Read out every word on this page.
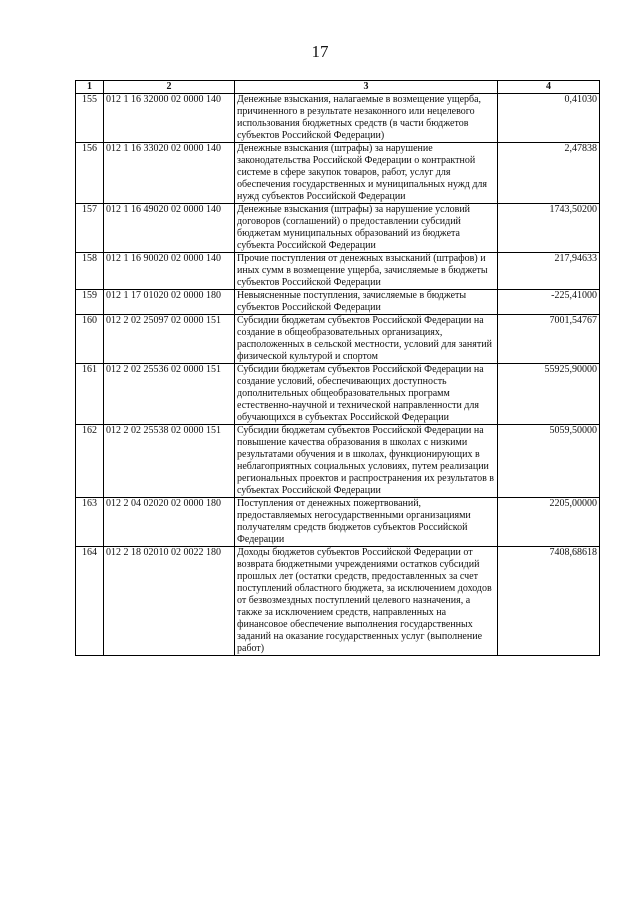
17
1	2	3	4
155	012 1 16 32000 02 0000 140	Денежные взыскания, налагаемые в возмещение ущерба, причиненного в результате незаконного или нецелевого использования бюджетных средств (в части бюджетов субъектов Российской Федерации)	0,41030
156	012 1 16 33020 02 0000 140	Денежные взыскания (штрафы) за нарушение законодательства Российской Федерации о контрактной системе в сфере закупок товаров, работ, услуг для обеспечения государственных и муниципальных нужд для нужд субъектов Российской Федерации	2,47838
157	012 1 16 49020 02 0000 140	Денежные взыскания (штрафы) за нарушение условий договоров (соглашений) о предоставлении субсидий бюджетам муниципальных образований из бюджета субъекта Российской Федерации	1743,50200
158	012 1 16 90020 02 0000 140	Прочие поступления от денежных взысканий (штрафов) и иных сумм в возмещение ущерба, зачисляемые в бюджеты субъектов Российской Федерации	217,94633
159	012 1 17 01020 02 0000 180	Невыясненные поступления, зачисляемые в бюджеты субъектов Российской Федерации	-225,41000
160	012 2 02 25097 02 0000 151	Субсидии бюджетам субъектов Российской Федерации на создание в общеобразовательных организациях, расположенных в сельской местности, условий для занятий физической культурой и спортом	7001,54767
161	012 2 02 25536 02 0000 151	Субсидии бюджетам субъектов Российской Федерации на создание условий, обеспечивающих доступность дополнительных общеобразовательных программ естественно-научной и технической направленности для обучающихся в субъектах Российской Федерации	55925,90000
162	012 2 02 25538 02 0000 151	Субсидии бюджетам субъектов Российской Федерации на повышение качества образования в школах с низкими результатами обучения и в школах, функционирующих в неблагоприятных социальных условиях, путем реализации региональных проектов и распространения их результатов в субъектах Российской Федерации	5059,50000
163	012 2 04 02020 02 0000 180	Поступления от денежных пожертвований, предоставляемых негосударственными организациями получателям средств бюджетов субъектов Российской Федерации	2205,00000
164	012 2 18 02010 02 0022 180	Доходы бюджетов субъектов Российской Федерации от возврата бюджетными учреждениями остатков субсидий прошлых лет (остатки средств, предоставленных за счет поступлений областного бюджета, за исключением доходов от безвозмездных поступлений целевого назначения, а также за исключением средств, направленных на финансовое обеспечение выполнения государственных заданий на оказание государственных услуг (выполнение работ)	7408,68618
